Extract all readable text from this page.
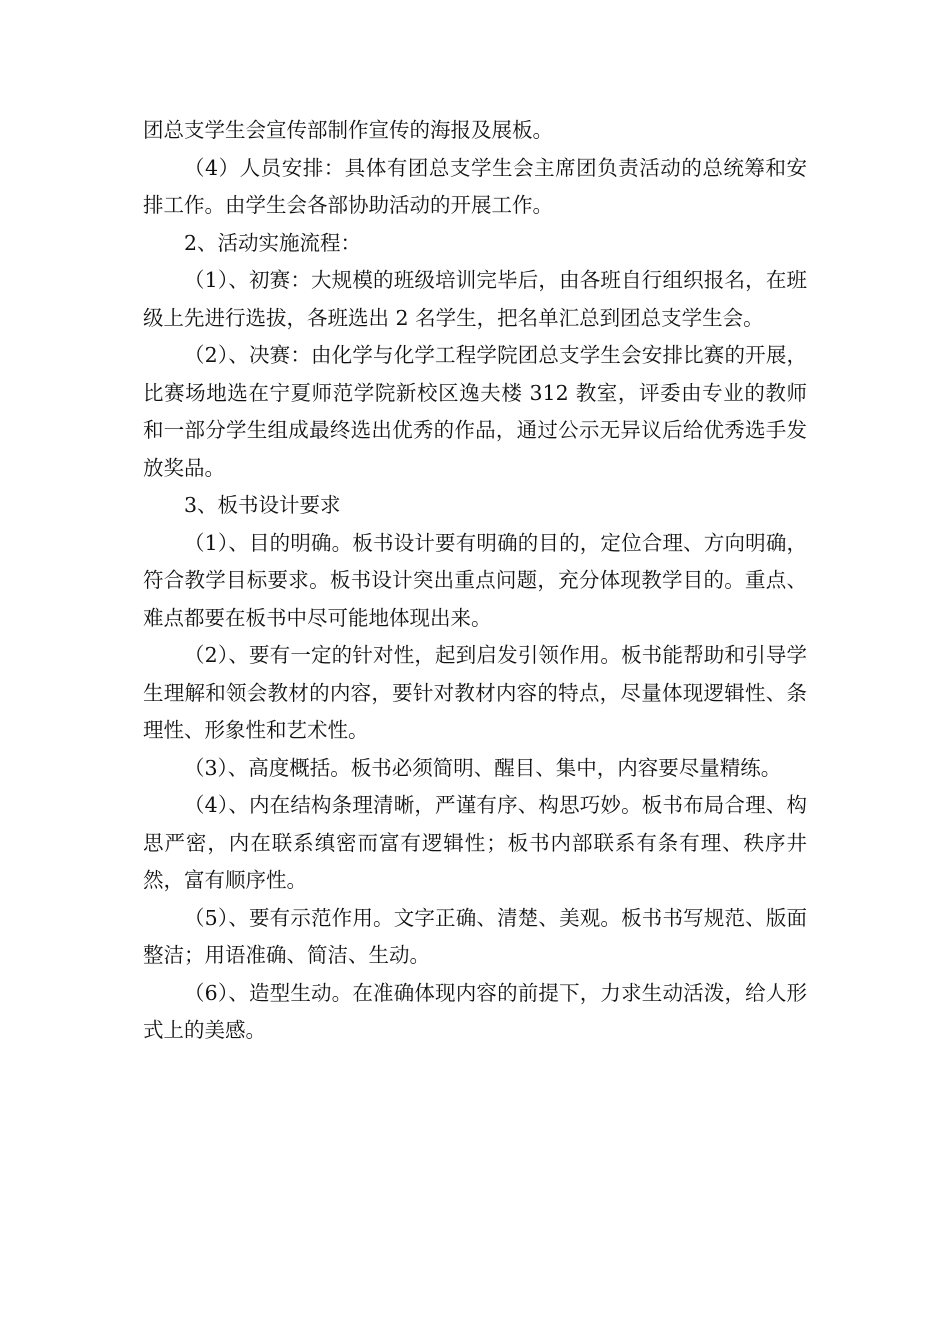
团总支学生会宣传部制作宣传的海报及展板。

（4）人员安排：具体有团总支学生会主席团负责活动的总统筹和安排工作。由学生会各部协助活动的开展工作。

2、活动实施流程：

（1）、初赛：大规模的班级培训完毕后，由各班自行组织报名，在班级上先进行选拔，各班选出 2 名学生，把名单汇总到团总支学生会。

（2）、决赛：由化学与化学工程学院团总支学生会安排比赛的开展，比赛场地选在宁夏师范学院新校区逸夫楼 312 教室，评委由专业的教师和一部分学生组成最终选出优秀的作品，通过公示无异议后给优秀选手发放奖品。

3、板书设计要求

（1）、目的明确。板书设计要有明确的目的，定位合理、方向明确，符合教学目标要求。板书设计突出重点问题，充分体现教学目的。重点、难点都要在板书中尽可能地体现出来。

（2）、要有一定的针对性，起到启发引领作用。板书能帮助和引导学生理解和领会教材的内容，要针对教材内容的特点，尽量体现逻辑性、条理性、形象性和艺术性。

（3）、高度概括。板书必须简明、醒目、集中，内容要尽量精练。

（4）、内在结构条理清晰，严谨有序、构思巧妙。板书布局合理、构思严密，内在联系缜密而富有逻辑性；板书内部联系有条有理、秩序井然，富有顺序性。

（5）、要有示范作用。文字正确、清楚、美观。板书书写规范、版面整洁；用语准确、简洁、生动。

（6）、造型生动。在准确体现内容的前提下，力求生动活泼，给人形式上的美感。
